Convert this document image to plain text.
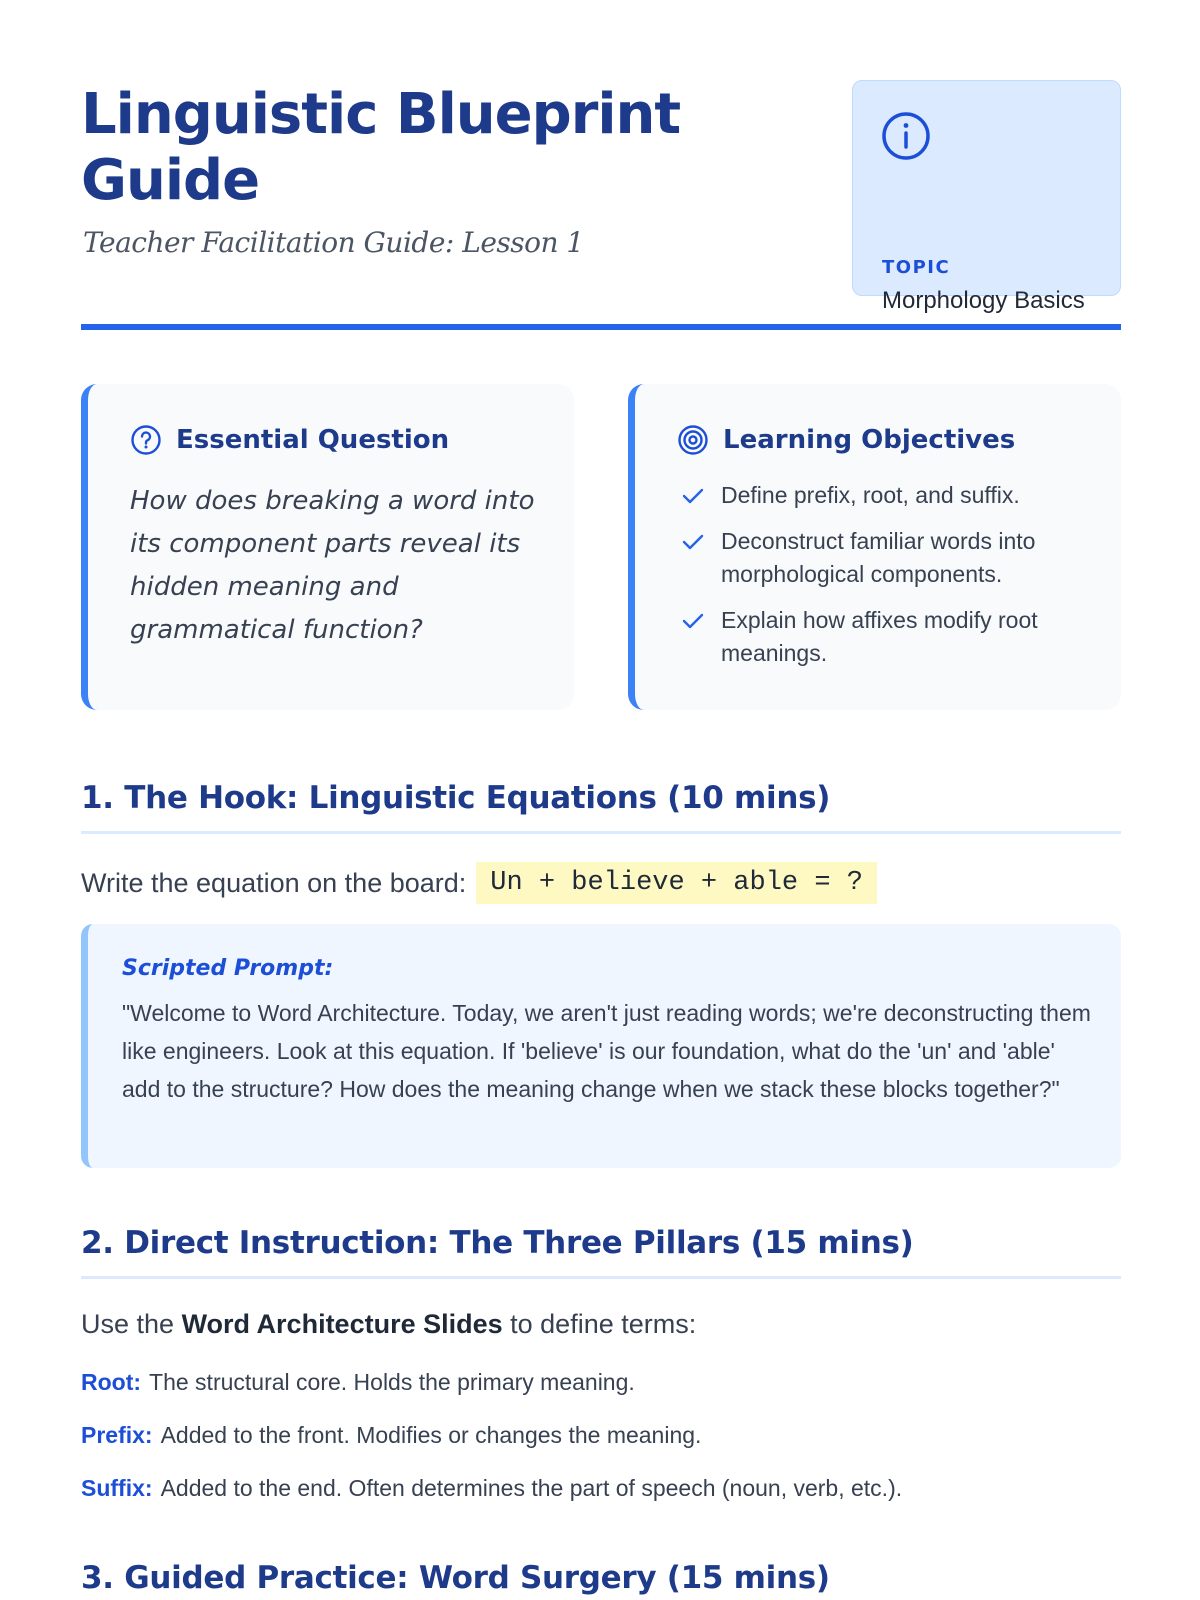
Linguistic Blueprint Guide
Teacher Facilitation Guide: Lesson 1
TOPIC
Morphology Basics
Essential Question
How does breaking a word into its component parts reveal its hidden meaning and grammatical function?
Learning Objectives
Define prefix, root, and suffix.
Deconstruct familiar words into morphological components.
Explain how affixes modify root meanings.
1. The Hook: Linguistic Equations (10 mins)
Write the equation on the board: Un + believe + able = ?
Scripted Prompt:
"Welcome to Word Architecture. Today, we aren't just reading words; we're deconstructing them like engineers. Look at this equation. If 'believe' is our foundation, what do the 'un' and 'able' add to the structure? How does the meaning change when we stack these blocks together?"
2. Direct Instruction: The Three Pillars (15 mins)
Use the Word Architecture Slides to define terms:
Root: The structural core. Holds the primary meaning.
Prefix: Added to the front. Modifies or changes the meaning.
Suffix: Added to the end. Often determines the part of speech (noun, verb, etc.).
3. Guided Practice: Word Surgery (15 mins)
